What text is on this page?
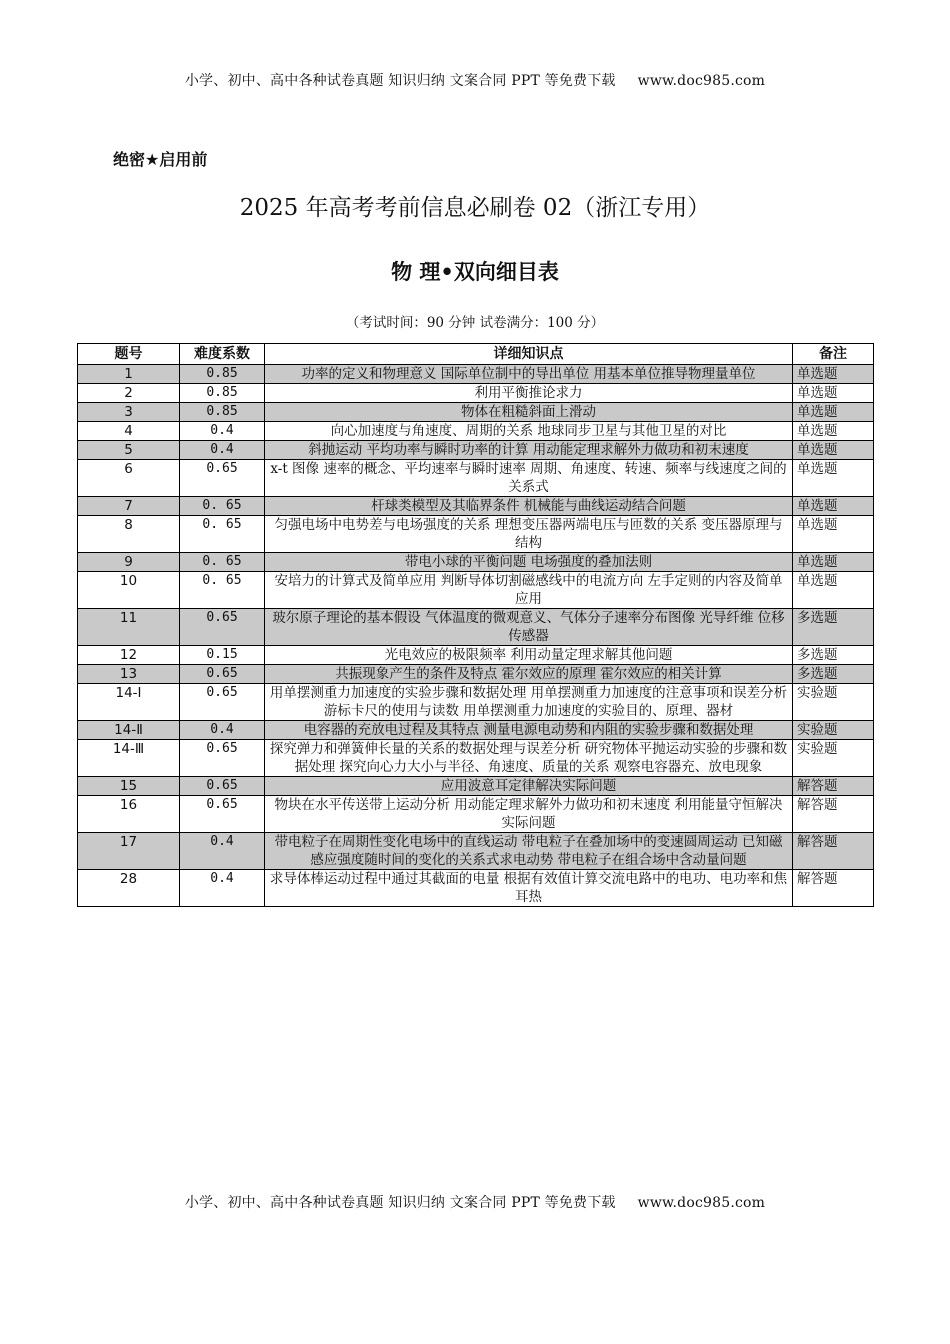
小学、初中、高中各种试卷真题 知识归纳 文案合同 PPT 等免费下载 www.doc985.com
绝密★启用前
2025 年高考考前信息必刷卷 02（浙江专用）
物 理•双向细目表
（考试时间：90 分钟 试卷满分：100 分）
题号	难度系数	详细知识点	备注
1	0.85	功率的定义和物理意义 国际单位制中的导出单位 用基本单位推导物理量单位	单选题
2	0.85	利用平衡推论求力	单选题
3	0.85	物体在粗糙斜面上滑动	单选题
4	0.4	向心加速度与角速度、周期的关系 地球同步卫星与其他卫星的对比	单选题
5	0.4	斜抛运动 平均功率与瞬时功率的计算 用动能定理求解外力做功和初末速度	单选题
6	0.65	x-t 图像 速率的概念、平均速率与瞬时速率 周期、角速度、转速、频率与线速度之间的关系式	单选题
7	0. 65	杆球类模型及其临界条件 机械能与曲线运动结合问题	单选题
8	0. 65	匀强电场中电势差与电场强度的关系 理想变压器两端电压与匝数的关系 变压器原理与结构	单选题
9	0. 65	带电小球的平衡问题 电场强度的叠加法则	单选题
10	0. 65	安培力的计算式及简单应用 判断导体切割磁感线中的电流方向 左手定则的内容及简单应用	单选题
11	0.65	玻尔原子理论的基本假设 气体温度的微观意义、气体分子速率分布图像 光导纤维 位移传感器	多选题
12	0.15	光电效应的极限频率 利用动量定理求解其他问题	多选题
13	0.65	共振现象产生的条件及特点 霍尔效应的原理 霍尔效应的相关计算	多选题
14-Ⅰ	0.65	用单摆测重力加速度的实验步骤和数据处理 用单摆测重力加速度的注意事项和误差分析 游标卡尺的使用与读数 用单摆测重力加速度的实验目的、原理、器材	实验题
14-Ⅱ	0.4	电容器的充放电过程及其特点 测量电源电动势和内阻的实验步骤和数据处理	实验题
14-Ⅲ	0.65	探究弹力和弹簧伸长量的关系的数据处理与误差分析 研究物体平抛运动实验的步骤和数据处理 探究向心力大小与半径、角速度、质量的关系 观察电容器充、放电现象	实验题
15	0.65	应用波意耳定律解决实际问题	解答题
16	0.65	物块在水平传送带上运动分析 用动能定理求解外力做功和初末速度 利用能量守恒解决实际问题	解答题
17	0.4	带电粒子在周期性变化电场中的直线运动 带电粒子在叠加场中的变速圆周运动 已知磁感应强度随时间的变化的关系式求电动势 带电粒子在组合场中含动量问题	解答题
28	0.4	求导体棒运动过程中通过其截面的电量 根据有效值计算交流电路中的电功、电功率和焦耳热	解答题
小学、初中、高中各种试卷真题 知识归纳 文案合同 PPT 等免费下载 www.doc985.com
